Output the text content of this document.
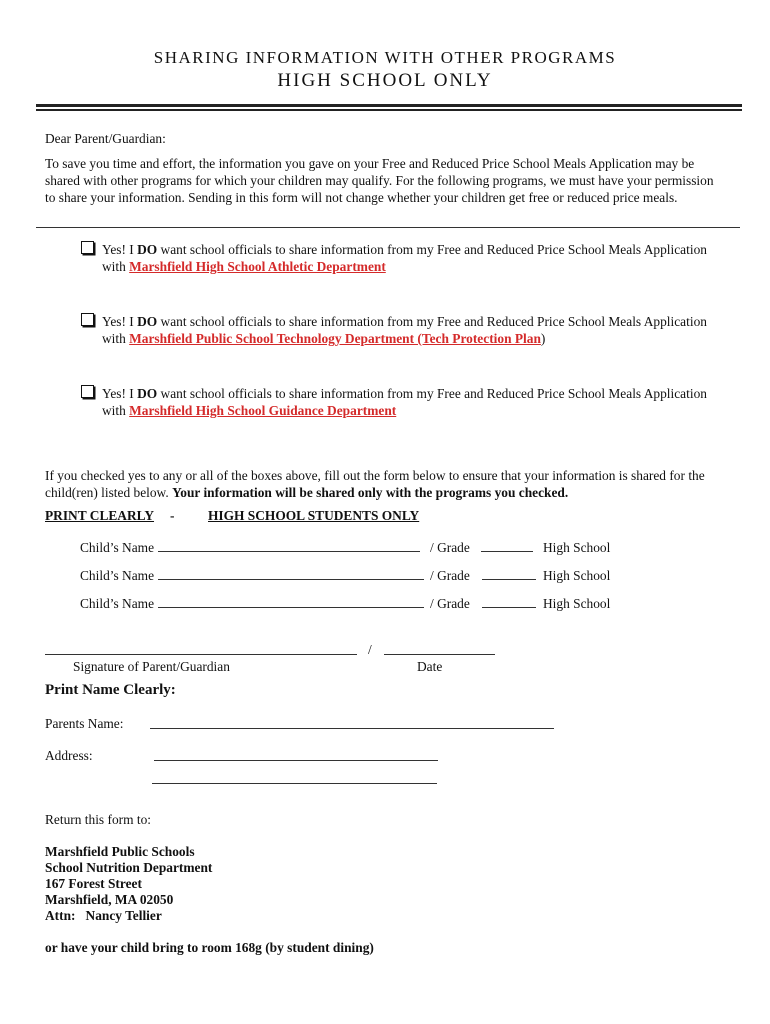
SHARING INFORMATION WITH OTHER PROGRAMS
HIGH SCHOOL ONLY
Dear Parent/Guardian:
To save you time and effort, the information you gave on your Free and Reduced Price School Meals Application may be
shared with other programs for which your children may qualify. For the following programs, we must have your permission
to share your information. Sending in this form will not change whether your children get free or reduced price meals.
Yes! I DO want school officials to share information from my Free and Reduced Price School Meals Application
with Marshfield High School Athletic Department
Yes! I DO want school officials to share information from my Free and Reduced Price School Meals Application
with Marshfield Public School Technology Department (Tech Protection Plan)
Yes! I DO want school officials to share information from my Free and Reduced Price School Meals Application
with Marshfield High School Guidance Department
If you checked yes to any or all of the boxes above, fill out the form below to ensure that your information is shared for the
child(ren) listed below. Your information will be shared only with the programs you checked.
PRINT CLEARLY -	HIGH SCHOOL STUDENTS ONLY
Child’s Name	/ Grade	High School
Child’s Name	/ Grade	High School
Child’s Name	/ Grade	High School
/
Signature of Parent/Guardian	Date
Print Name Clearly:
Parents Name:
Address:
Return this form to:
Marshfield Public Schools
School Nutrition Department
167 Forest Street
Marshfield, MA 02050
Attn:   Nancy Tellier
or have your child bring to room 168g (by student dining)
